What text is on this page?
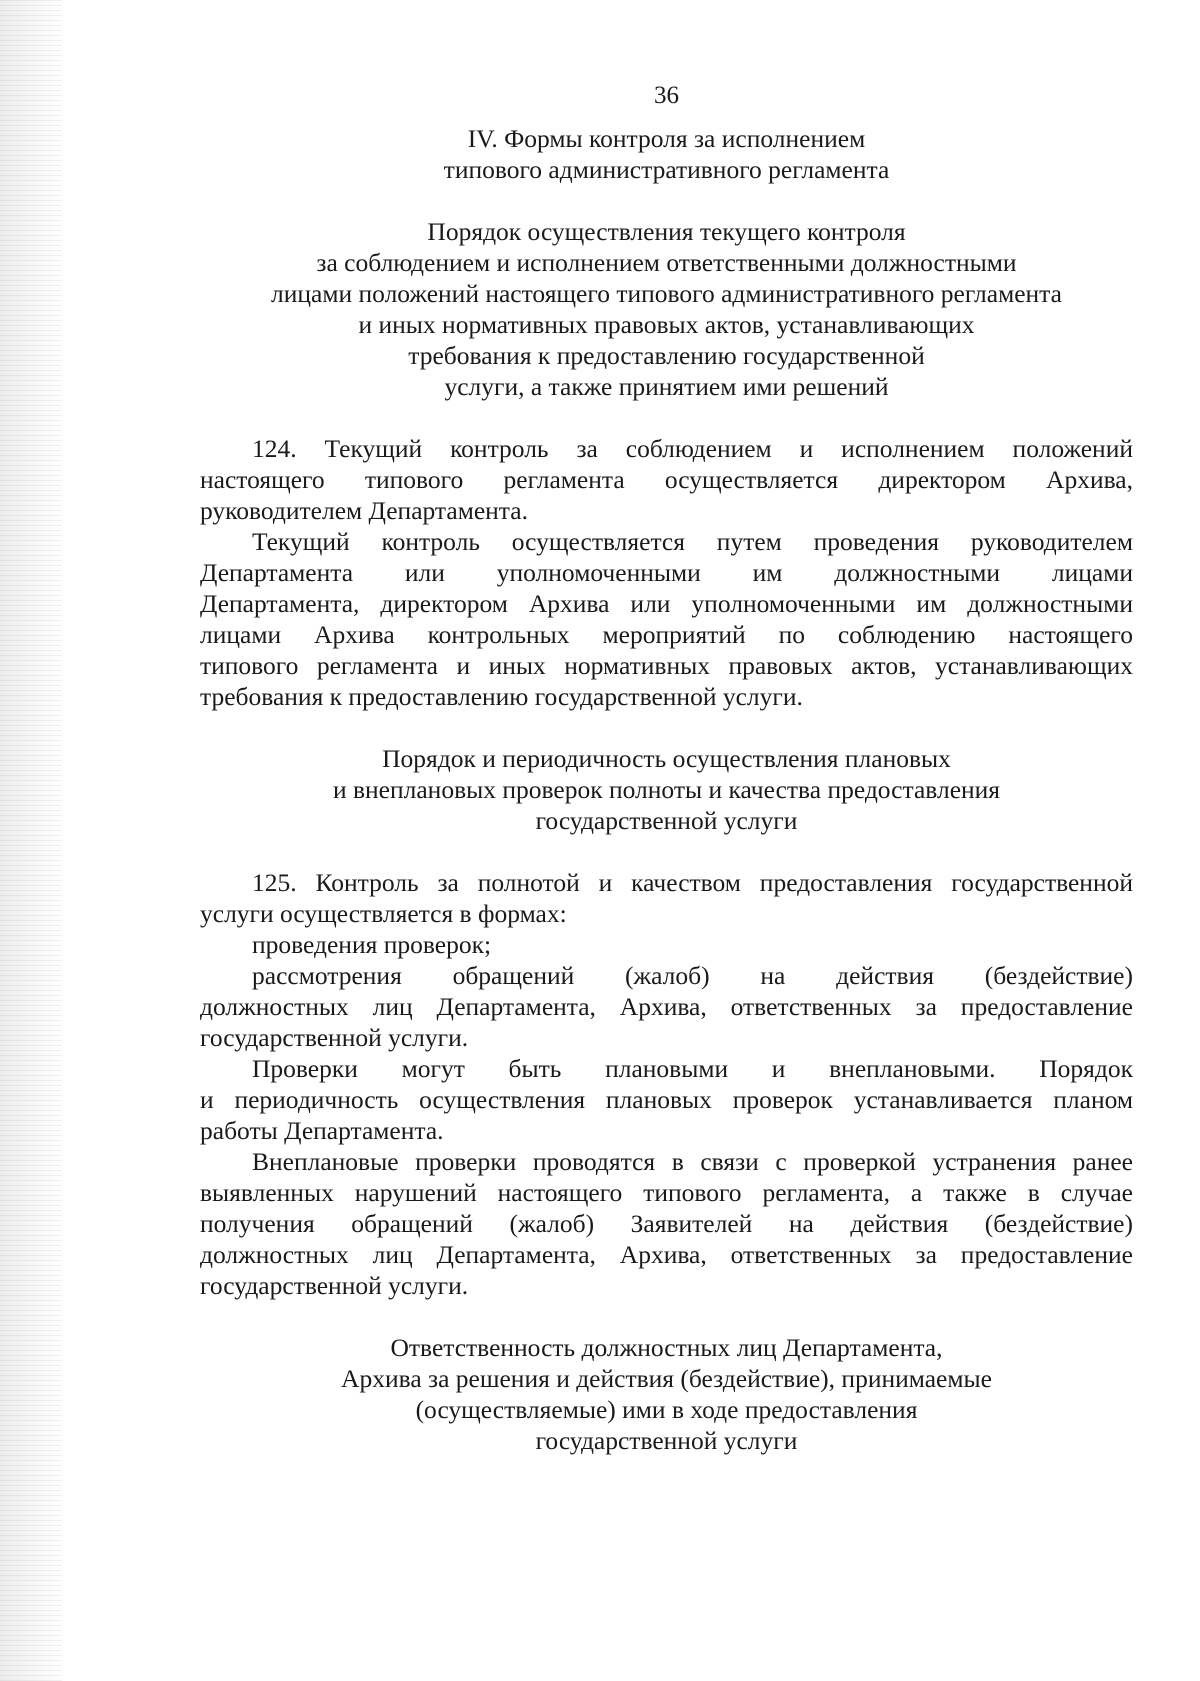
36
IV. Формы контроля за исполнением
типового административного регламента
Порядок осуществления текущего контроля
за соблюдением и исполнением ответственными должностными
лицами положений настоящего типового административного регламента
и иных нормативных правовых актов, устанавливающих
требования к предоставлению государственной
услуги, а также принятием ими решений
124. Текущий контроль за соблюдением и исполнением положений
настоящего типового регламента осуществляется директором Архива,
руководителем Департамента.
Текущий контроль осуществляется путем проведения руководителем
Департамента или уполномоченными им должностными лицами
Департамента, директором Архива или уполномоченными им должностными
лицами Архива контрольных мероприятий по соблюдению настоящего
типового регламента и иных нормативных правовых актов, устанавливающих
требования к предоставлению государственной услуги.
Порядок и периодичность осуществления плановых
и внеплановых проверок полноты и качества предоставления
государственной услуги
125. Контроль за полнотой и качеством предоставления государственной
услуги осуществляется в формах:
проведения проверок;
рассмотрения обращений (жалоб) на действия (бездействие)
должностных лиц Департамента, Архива, ответственных за предоставление
государственной услуги.
Проверки могут быть плановыми и внеплановыми. Порядок
и периодичность осуществления плановых проверок устанавливается планом
работы Департамента.
Внеплановые проверки проводятся в связи с проверкой устранения ранее
выявленных нарушений настоящего типового регламента, а также в случае
получения обращений (жалоб) Заявителей на действия (бездействие)
должностных лиц Департамента, Архива, ответственных за предоставление
государственной услуги.
Ответственность должностных лиц Департамента,
Архива за решения и действия (бездействие), принимаемые
(осуществляемые) ими в ходе предоставления
государственной услуги
